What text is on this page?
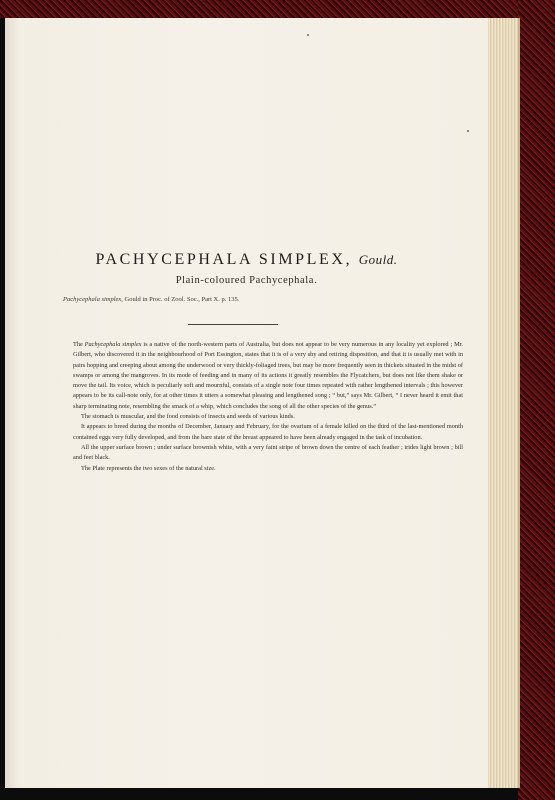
PACHYCEPHALA SIMPLEX, Gould.
Plain-coloured Pachycephala.
Pachycephala simplex, Gould in Proc. of Zool. Soc., Part X. p. 135.

The Pachycephala simplex is a native of the north-western parts of Australia, but does not appear to be very numerous in any locality yet explored ; Mr. Gilbert, who discovered it in the neighbourhood of Port Essington, states that it is of a very shy and retiring disposition, and that it is usually met with in pairs hopping and creeping about among the underwood or very thickly-foliaged trees, but may be more frequently seen in thickets situated in the midst of swamps or among the mangroves. In its mode of feeding and in many of its actions it greatly resembles the Flycatchers, but does not like them shake or move the tail. Its voice, which is peculiarly soft and mournful, consists of a single note four times repeated with rather lengthened intervals ; this however appears to be its call-note only, for at other times it utters a somewhat pleasing and lengthened song ; “ but,” says Mr. Gilbert, “ I never heard it emit that sharp terminating note, resembling the smack of a whip, which concludes the song of all the other species of the genus.”

The stomach is muscular, and the food consists of insects and seeds of various kinds.

It appears to breed during the months of December, January and February, for the ovarium of a female killed on the third of the last-mentioned month contained eggs very fully developed, and from the bare state of the breast appeared to have been already engaged in the task of incubation.

All the upper surface brown ; under surface brownish white, with a very faint stripe of brown down the centre of each feather ; irides light brown ; bill and feet black.

The Plate represents the two sexes of the natural size.
